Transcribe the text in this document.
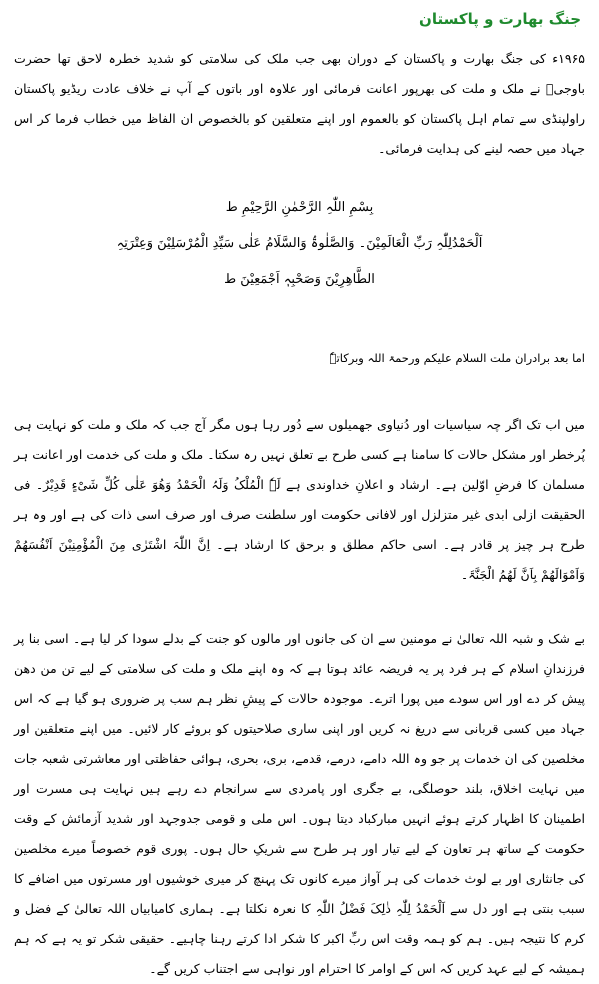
جنگ بھارت و پاکستان

۱۹۶۵ء کی جنگ بھارت و پاکستان کے دوران بھی جب ملک کی سلامتی کو شدید خطرہ لاحق تھا حضرت باوجیؒ نے ملک و ملت کی بھرپور اعانت فرمائی اور علاوہ اور باتوں کے آپ نے خلاف عادت ریڈیو پاکستان راولپنڈی سے تمام اہل پاکستان کو بالعموم اور اپنے متعلقین کو بالخصوص ان الفاظ میں خطاب فرما کر اس جہاد میں حصہ لینے کی ہدایت فرمائی۔

بِسْمِ اللّٰہِ الرَّحْمٰنِ الرَّحِیْمِ ط
اَلْحَمْدُلِلّٰہِ رَبِّ الْعَالَمِیْنَ۔ وَالصَّلٰوۃُ وَالسَّلَامُ عَلٰی سَیِّدِ الْمُرْسَلِیْنَ وَعِتْرَتِہِ
الطَّاھِرِیْنَ وَصَحْبِہٖ اَجْمَعِیْنَ ط
اما بعد برادران ملت السلام علیکم ورحمۃ اللہ وبرکاتہٗ

میں اب تک اگر چہ سیاسیات اور دُنیاوی جھمیلوں سے دُور رہا ہوں مگر آج جب کہ ملک و ملت کو نہایت ہی پُرخطر اور مشکل حالات کا سامنا ہے کسی طرح بے تعلق نہیں رہ سکتا۔ ملک و ملت کی خدمت اور اعانت ہر مسلمان کا فرضِ اوّلین ہے۔ ارشاد و اعلانِ خداوندی ہے لَہٗ الْمُلْکُ وَلَہُ الْحَمْدُ وَھُوَ عَلٰی کُلِّ شَیْءٍ قَدِیْرٌ۔ فی الحقیقت ازلی ابدی غیر متزلزل اور لافانی حکومت اور سلطنت صرف اور صرف اسی ذات کی ہے اور وہ ہر طرح ہر چیز پر قادر ہے۔ اسی حاکم مطلق و برحق کا ارشاد ہے۔ اِنَّ اللّٰہَ اشْتَرٰی مِنَ الْمُؤْمِنِیْنَ اَنْفُسَھُمْ وَاَمْوَالَھُمْ بِاَنَّ لَھُمُ الْجَنَّۃَ۔

بے شک و شبہ اللہ تعالیٰ نے مومنین سے ان کی جانوں اور مالوں کو جنت کے بدلے سودا کر لیا ہے۔ اسی بنا پر فرزندانِ اسلام کے ہر فرد پر یہ فریضہ عائد ہوتا ہے کہ وہ اپنے ملک و ملت کی سلامتی کے لیے تن من دھن پیش کر دے اور اس سودے میں پورا اترے۔ موجودہ حالات کے پیشِ نظر ہم سب پر ضروری ہو گیا ہے کہ اس جہاد میں کسی قربانی سے دریغ نہ کریں اور اپنی ساری صلاحیتوں کو بروئے کار لائیں۔ میں اپنے متعلقین اور مخلصین کی ان خدمات پر جو وہ اللہ دامے، درمے، قدمے، بری، بحری، ہوائی حفاظتی اور معاشرتی شعبہ جات میں نہایت اخلاق، بلند حوصلگی، بے جگری اور پامردی سے سرانجام دے رہے ہیں نہایت ہی مسرت اور اطمینان کا اظہار کرتے ہوئے انہیں مبارکباد دیتا ہوں۔ اس ملی و قومی جدوجہد اور شدید آزمائش کے وقت حکومت کے ساتھ ہر تعاون کے لیے تیار اور ہر طرح سے شریکِ حال ہوں۔ پوری قوم خصوصاً میرے مخلصین کی جانثاری اور بے لوث خدمات کی ہر آواز میرے کانوں تک پہنچ کر میری خوشیوں اور مسرتوں میں اضافے کا سبب بنتی ہے اور دل سے اَلْحَمْدُ لِلّٰہِ ذٰلِکَ فَضْلُ اللّٰہِ کا نعرہ نکلتا ہے۔ ہماری کامیابیاں اللہ تعالیٰ کے فضل و کرم کا نتیجہ ہیں۔ ہم کو ہمہ وقت اس ربِّ اکبر کا شکر ادا کرتے رہنا چاہیے۔ حقیقی شکر تو یہ ہے کہ ہم ہمیشہ کے لیے عہد کریں کہ اس کے اوامر کا احترام اور نواہی سے اجتناب کریں گے۔
